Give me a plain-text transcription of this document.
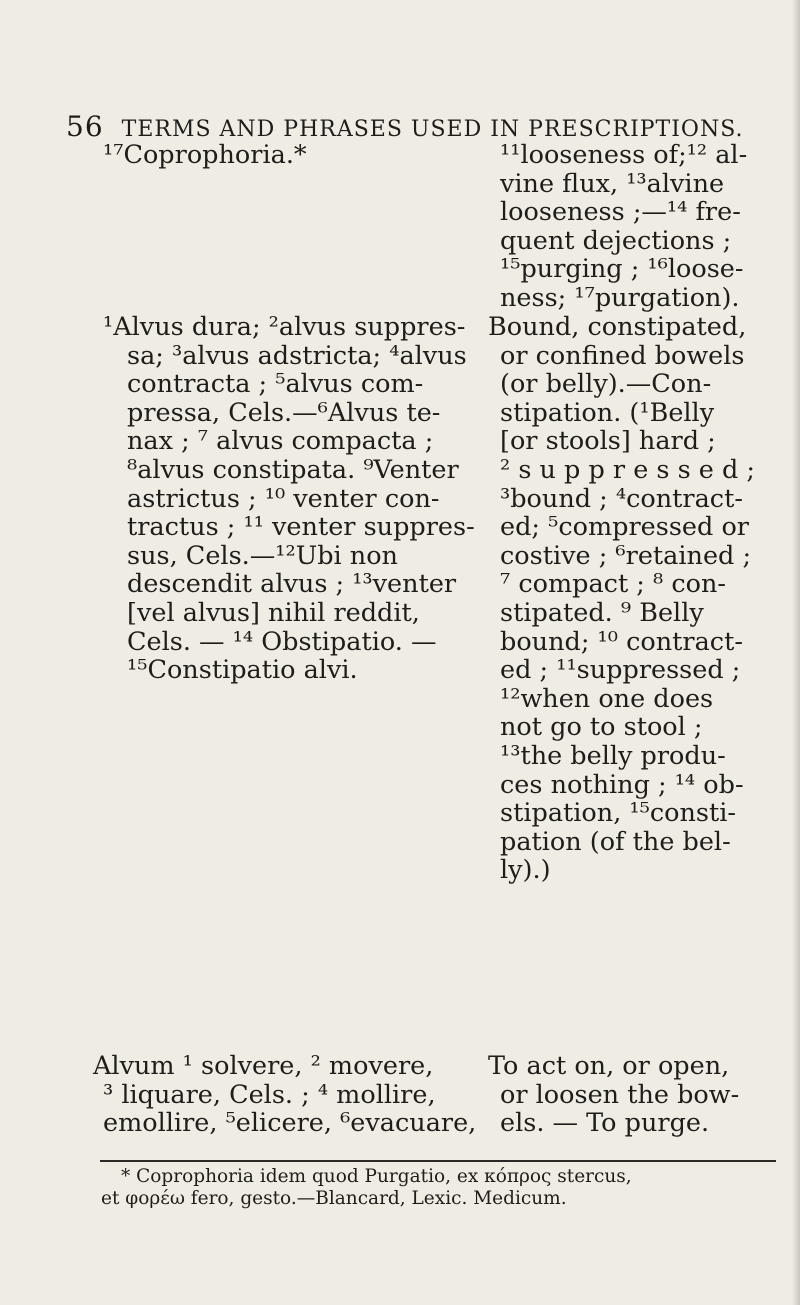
56 TERMS AND PHRASES USED IN PRESCRIPTIONS.
¹⁷Coprophoria.*	¹¹looseness of;¹² al-
vine flux, ¹³alvine
looseness ;—¹⁴ fre-
quent dejections ;
¹⁵purging ; ¹⁶loose-
ness; ¹⁷purgation).
¹Alvus dura; ²alvus suppres-
sa; ³alvus adstricta; ⁴alvus
contracta ; ⁵alvus com-
pressa, Cels.—⁶Alvus te-
nax ; ⁷ alvus compacta ;
⁸alvus constipata. ⁹Venter
astrictus ; ¹⁰ venter con-
tractus ; ¹¹ venter suppres-
sus, Cels.—¹²Ubi non
descendit alvus ; ¹³venter
[vel alvus] nihil reddit,
Cels. — ¹⁴ Obstipatio. —
¹⁵Constipatio alvi.
Bound, constipated,
or confined bowels
(or belly).—Con-
stipation. (¹Belly
[or stools] hard ;
² s u p p r e s s e d ;
³bound ; ⁴contract-
ed; ⁵compressed or
costive ; ⁶retained ;
⁷ compact ; ⁸ con-
stipated. ⁹ Belly
bound; ¹⁰ contract-
ed ; ¹¹suppressed ;
¹²when one does
not go to stool ;
¹³the belly produ-
ces nothing ; ¹⁴ ob-
stipation, ¹⁵consti-
pation (of the bel-
ly).)
Alvum ¹ solvere, ² movere,
³ liquare, Cels. ; ⁴ mollire,
emollire, ⁵elicere, ⁶evacuare,
To act on, or open,
or loosen the bow-
els. — To purge.
* Coprophoria idem quod Purgatio, ex κόπρος stercus,
et φορέω fero, gesto.—Blancard, Lexic. Medicum.
